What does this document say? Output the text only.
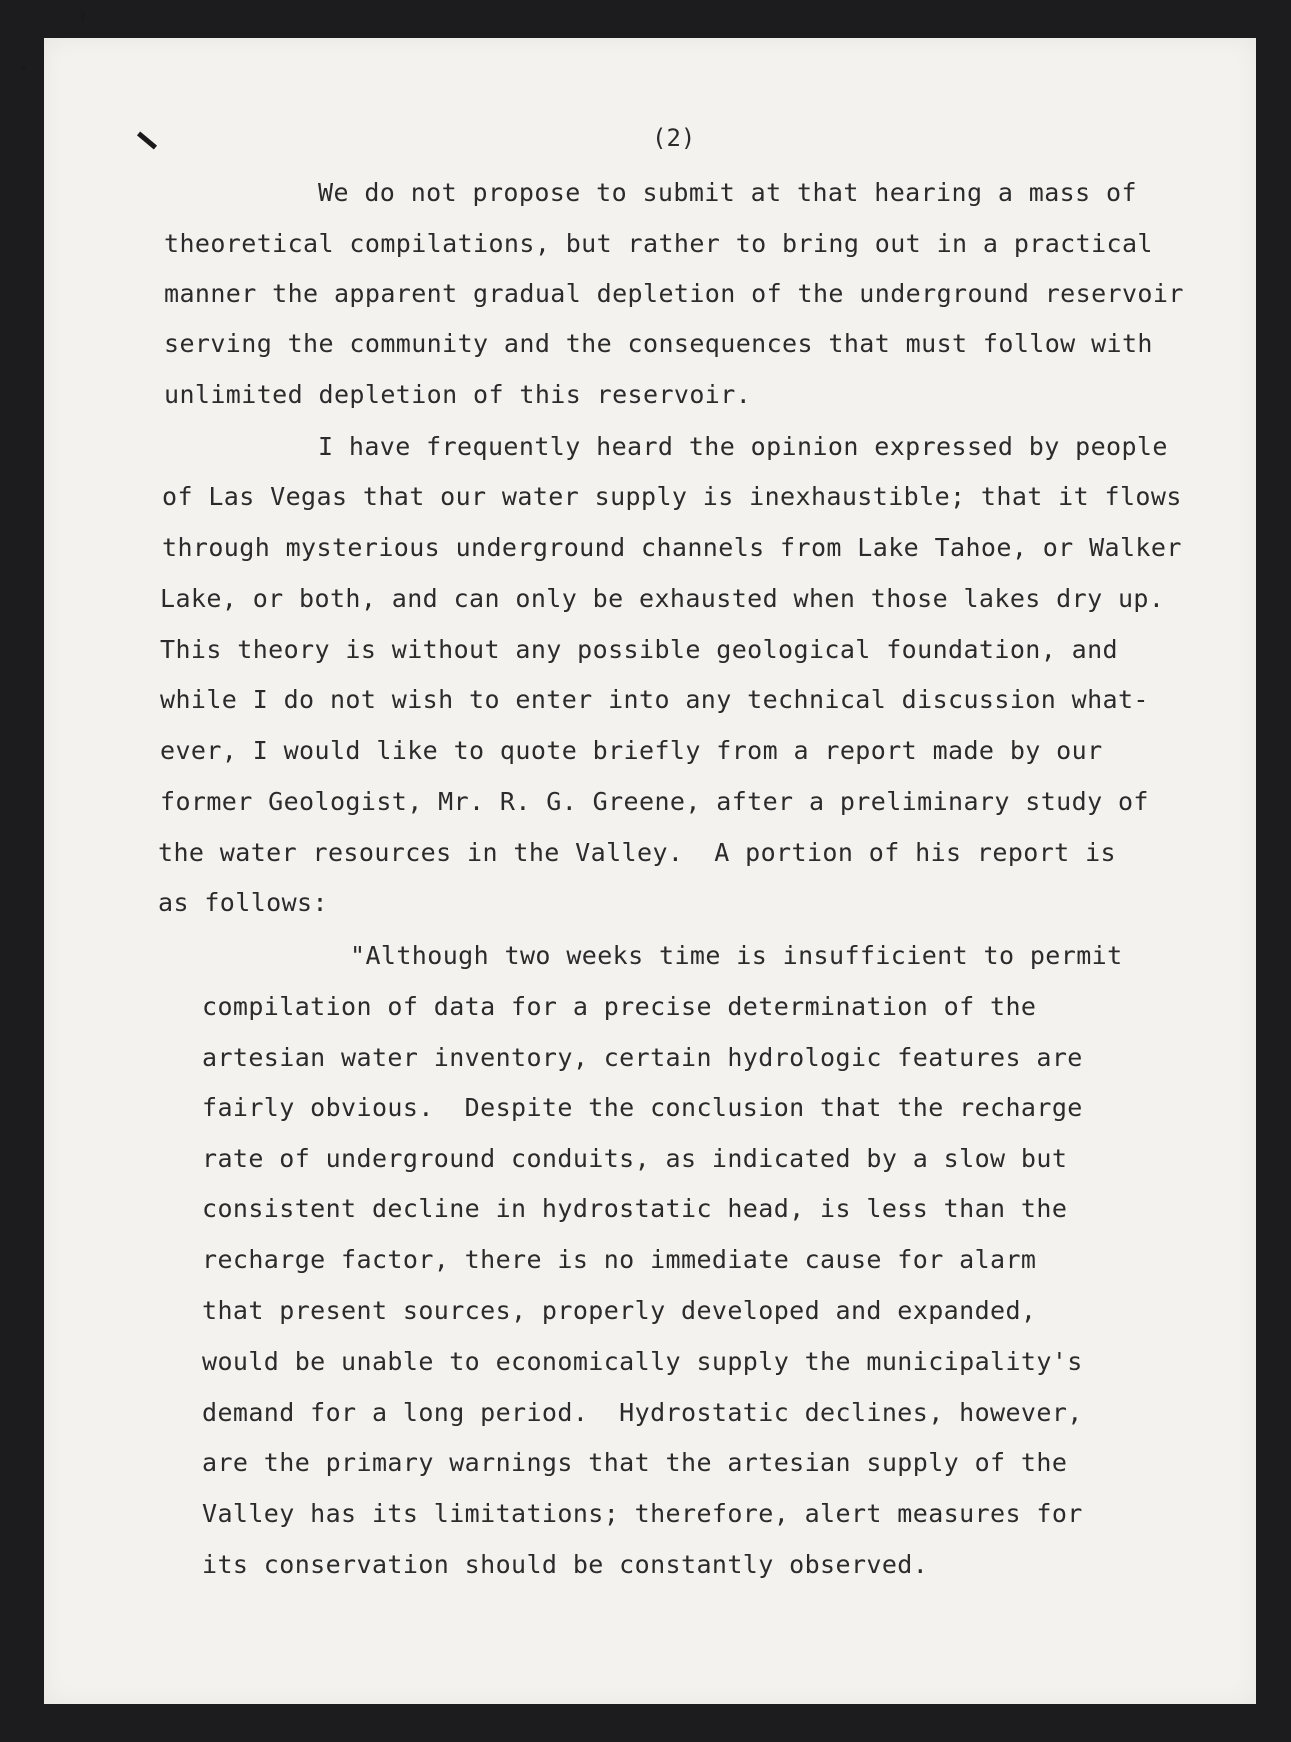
(2)
We do not propose to submit at that hearing a mass of
theoretical compilations, but rather to bring out in a practical
manner the apparent gradual depletion of the underground reservoir
serving the community and the consequences that must follow with
unlimited depletion of this reservoir.
I have frequently heard the opinion expressed by people
of Las Vegas that our water supply is inexhaustible; that it flows
through mysterious underground channels from Lake Tahoe, or Walker
Lake, or both, and can only be exhausted when those lakes dry up.
This theory is without any possible geological foundation, and
while I do not wish to enter into any technical discussion what-
ever, I would like to quote briefly from a report made by our
former Geologist, Mr. R. G. Greene, after a preliminary study of
the water resources in the Valley.  A portion of his report is
as follows:
"Although two weeks time is insufficient to permit
compilation of data for a precise determination of the
artesian water inventory, certain hydrologic features are
fairly obvious.  Despite the conclusion that the recharge
rate of underground conduits, as indicated by a slow but
consistent decline in hydrostatic head, is less than the
recharge factor, there is no immediate cause for alarm
that present sources, properly developed and expanded,
would be unable to economically supply the municipality's
demand for a long period.  Hydrostatic declines, however,
are the primary warnings that the artesian supply of the
Valley has its limitations; therefore, alert measures for
its conservation should be constantly observed.
